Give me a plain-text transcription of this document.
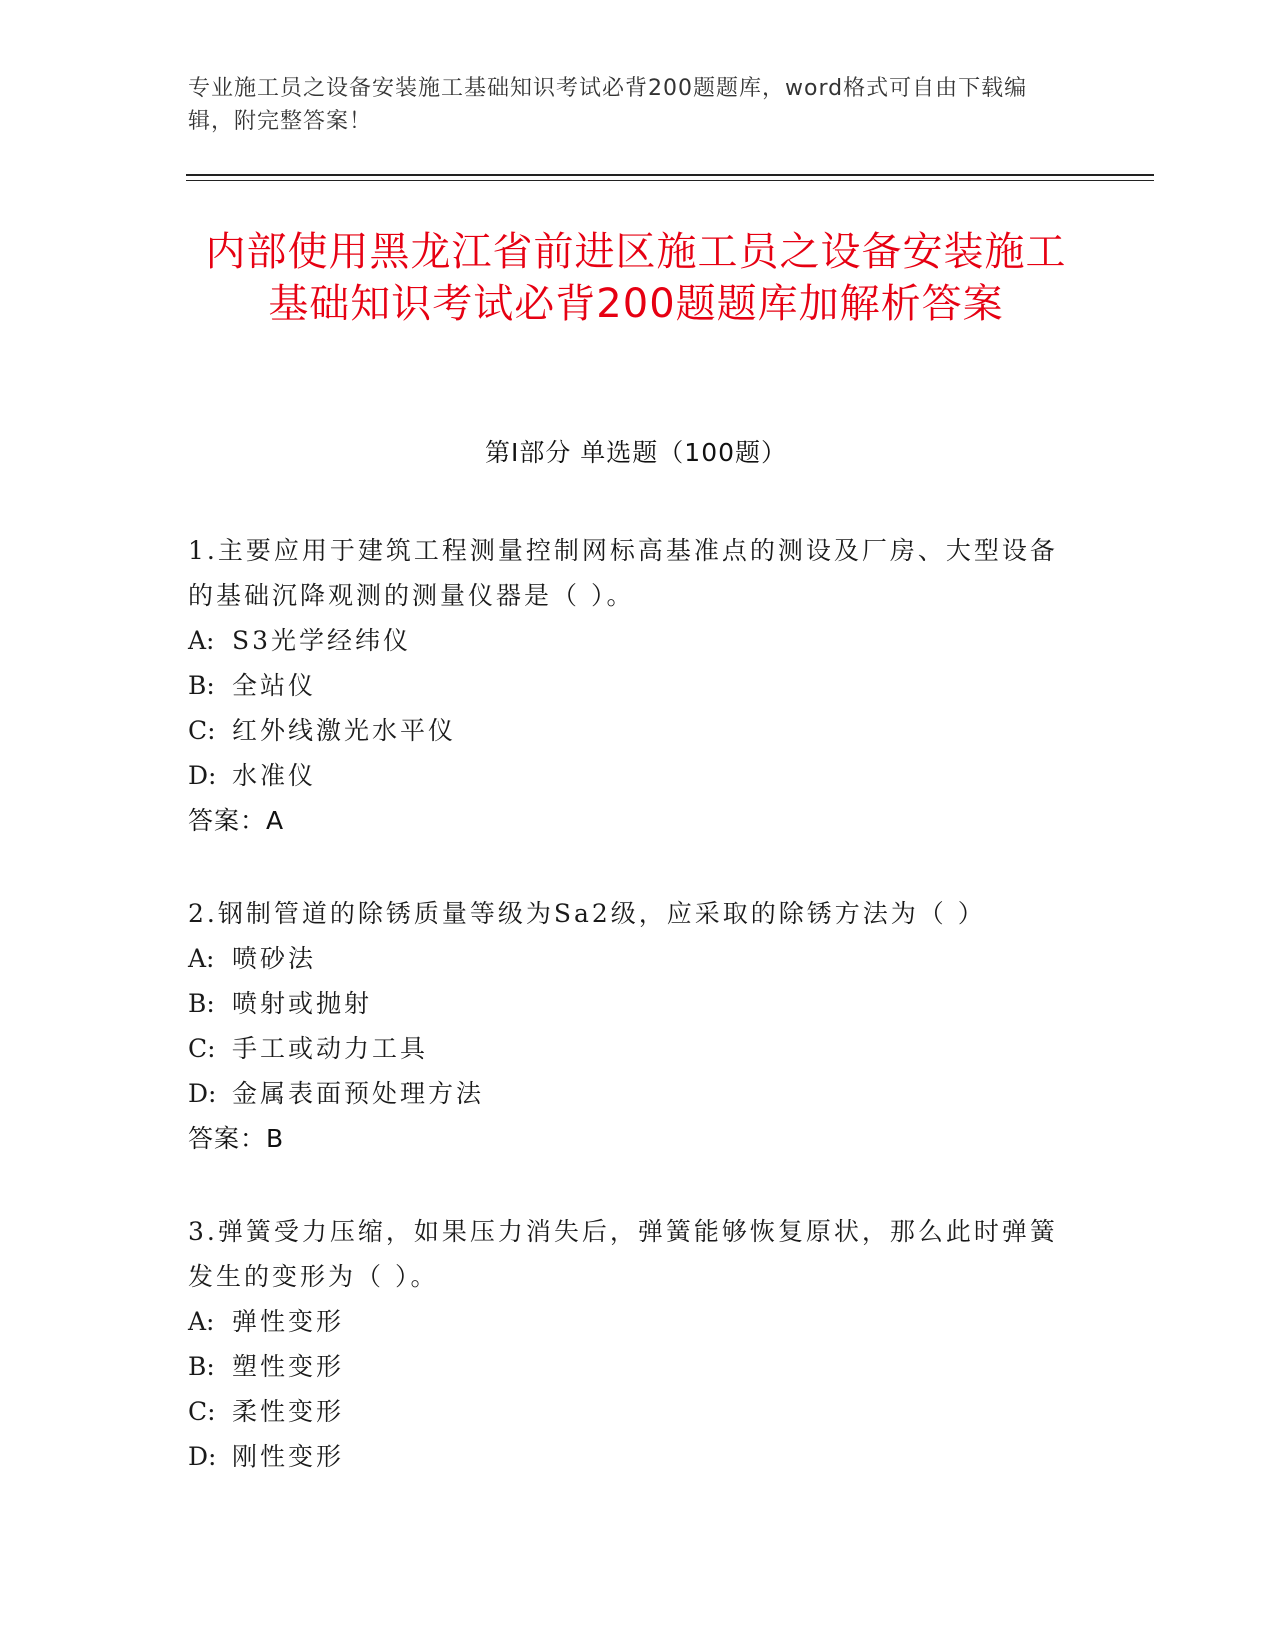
专业施工员之设备安装施工基础知识考试必背200题题库，word格式可自由下载编辑，附完整答案！
内部使用黑龙江省前进区施工员之设备安装施工基础知识考试必背200题题库加解析答案
第Ⅰ部分 单选题（100题）
1.主要应用于建筑工程测量控制网标高基准点的测设及厂房、大型设备的基础沉降观测的测量仪器是（ ）。
A: S3光学经纬仪
B: 全站仪
C: 红外线激光水平仪
D: 水准仪
答案：A
2.钢制管道的除锈质量等级为Sa2级，应采取的除锈方法为（ ）
A: 喷砂法
B: 喷射或抛射
C: 手工或动力工具
D: 金属表面预处理方法
答案：B
3.弹簧受力压缩，如果压力消失后，弹簧能够恢复原状，那么此时弹簧发生的变形为（ ）。
A: 弹性变形
B: 塑性变形
C: 柔性变形
D: 刚性变形
